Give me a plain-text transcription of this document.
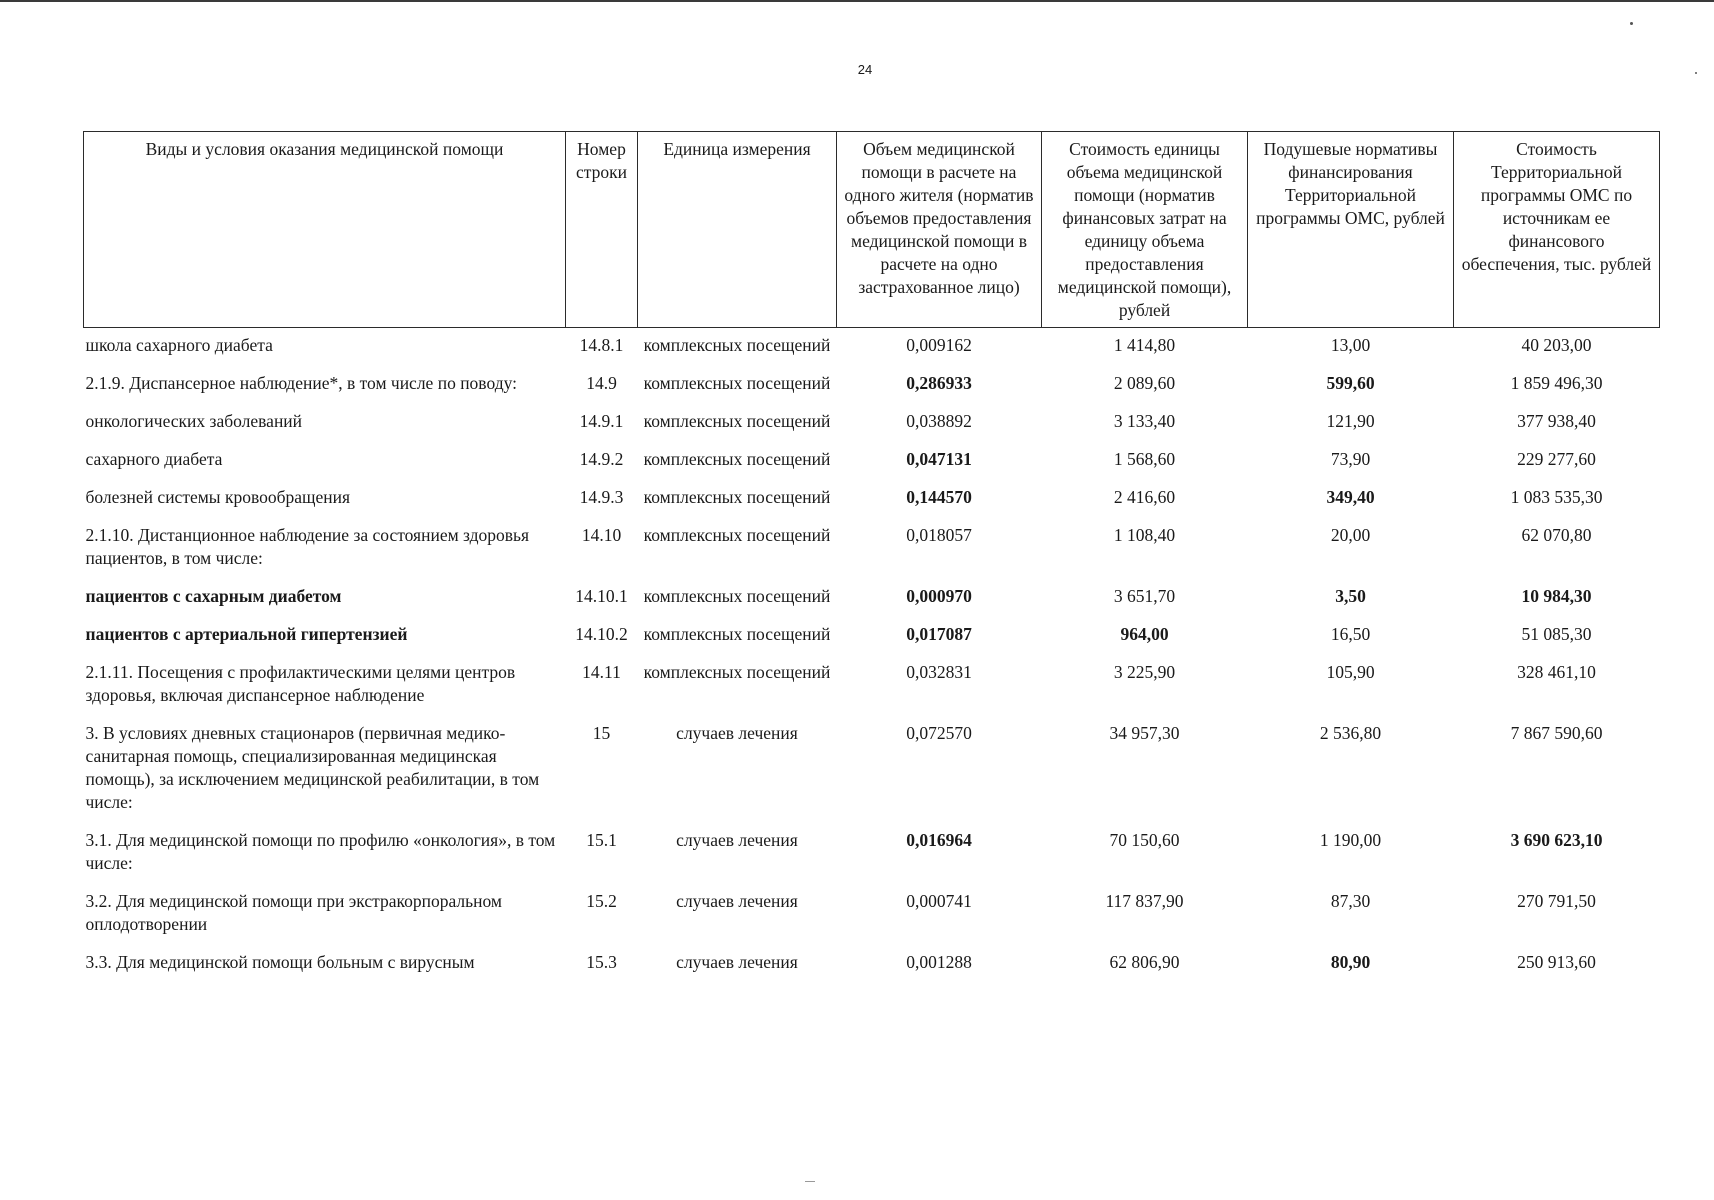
24
Виды и условия оказания медицинской помощи	Номер строки	Единица измерения	Объем медицинской помощи в расчете на одного жителя (норматив объемов предоставления медицинской помощи в расчете на одно застрахованное лицо)	Стоимость единицы объема медицинской помощи (норматив финансовых затрат на единицу объема предоставления медицинской помощи), рублей	Подушевые нормативы финансирования Территориальной программы ОМС, рублей	Стоимость Территориальной программы ОМС по источникам ее финансового обеспечения, тыс. рублей
школа сахарного диабета	14.8.1	комплексных посещений	0,009162	1 414,80	13,00	40 203,00
2.1.9. Диспансерное наблюдение*, в том числе по поводу:	14.9	комплексных посещений	0,286933	2 089,60	599,60	1 859 496,30
онкологических заболеваний	14.9.1	комплексных посещений	0,038892	3 133,40	121,90	377 938,40
сахарного диабета	14.9.2	комплексных посещений	0,047131	1 568,60	73,90	229 277,60
болезней системы кровообращения	14.9.3	комплексных посещений	0,144570	2 416,60	349,40	1 083 535,30
2.1.10. Дистанционное наблюдение за состоянием здоровья пациентов, в том числе:	14.10	комплексных посещений	0,018057	1 108,40	20,00	62 070,80
пациентов с сахарным диабетом	14.10.1	комплексных посещений	0,000970	3 651,70	3,50	10 984,30
пациентов с артериальной гипертензией	14.10.2	комплексных посещений	0,017087	964,00	16,50	51 085,30
2.1.11. Посещения с профилактическими целями центров здоровья, включая диспансерное наблюдение	14.11	комплексных посещений	0,032831	3 225,90	105,90	328 461,10
3. В условиях дневных стационаров (первичная медико-санитарная помощь, специализированная медицинская помощь), за исключением медицинской реабилитации, в том числе:	15	случаев лечения	0,072570	34 957,30	2 536,80	7 867 590,60
3.1. Для медицинской помощи по профилю «онкология», в том числе:	15.1	случаев лечения	0,016964	70 150,60	1 190,00	3 690 623,10
3.2. Для медицинской помощи при экстракорпоральном оплодотворении	15.2	случаев лечения	0,000741	117 837,90	87,30	270 791,50
3.3. Для медицинской помощи больным с вирусным	15.3	случаев лечения	0,001288	62 806,90	80,90	250 913,60
